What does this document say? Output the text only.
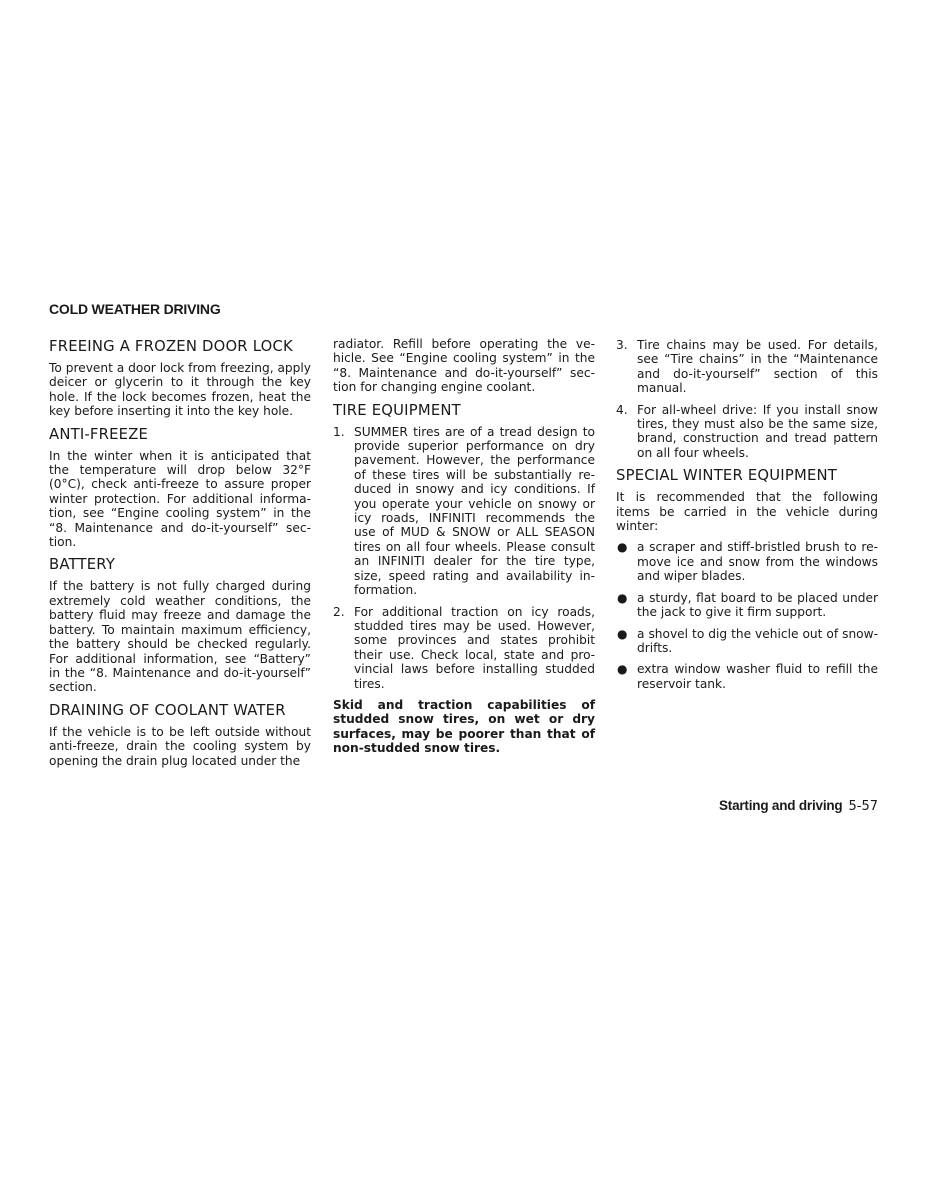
COLD WEATHER DRIVING
FREEING A FROZEN DOOR LOCK

To prevent a door lock from freezing, apply deicer or glycerin to it through the key hole. If the lock becomes frozen, heat the key before inserting it into the key hole.

ANTI-FREEZE

In the winter when it is anticipated that the temperature will drop below 32°F (0°C), check anti-freeze to assure proper winter protection. For additional information, see “Engine cooling system” in the “8. Maintenance and do-it-yourself” section.

BATTERY

If the battery is not fully charged during extremely cold weather conditions, the battery fluid may freeze and damage the battery. To maintain maximum efficiency, the battery should be checked regularly. For additional information, see “Battery” in the “8. Maintenance and do-it-yourself” section.

DRAINING OF COOLANT WATER

If the vehicle is to be left outside without anti-freeze, drain the cooling system by opening the drain plug located under the

radiator. Refill before operating the vehicle. See “Engine cooling system” in the “8. Maintenance and do-it-yourself” section for changing engine coolant.

TIRE EQUIPMENT
1. SUMMER tires are of a tread design to provide superior performance on dry pavement. However, the performance of these tires will be substantially reduced in snowy and icy conditions. If you operate your vehicle on snowy or icy roads, INFINITI recommends the use of MUD & SNOW or ALL SEASON tires on all four wheels. Please consult an INFINITI dealer for the tire type, size, speed rating and availability information.
2. For additional traction on icy roads, studded tires may be used. However, some provinces and states prohibit their use. Check local, state and provincial laws before installing studded tires.

Skid and traction capabilities of studded snow tires, on wet or dry surfaces, may be poorer than that of non-studded snow tires.

3. Tire chains may be used. For details, see “Tire chains” in the “Maintenance and do-it-yourself” section of this manual.
4. For all-wheel drive: If you install snow tires, they must also be the same size, brand, construction and tread pattern on all four wheels.
SPECIAL WINTER EQUIPMENT

It is recommended that the following items be carried in the vehicle during winter:

● a scraper and stiff-bristled brush to remove ice and snow from the windows and wiper blades.
● a sturdy, flat board to be placed under the jack to give it firm support.
● a shovel to dig the vehicle out of snow-drifts.
● extra window washer fluid to refill the reservoir tank.
Starting and driving 5-57
